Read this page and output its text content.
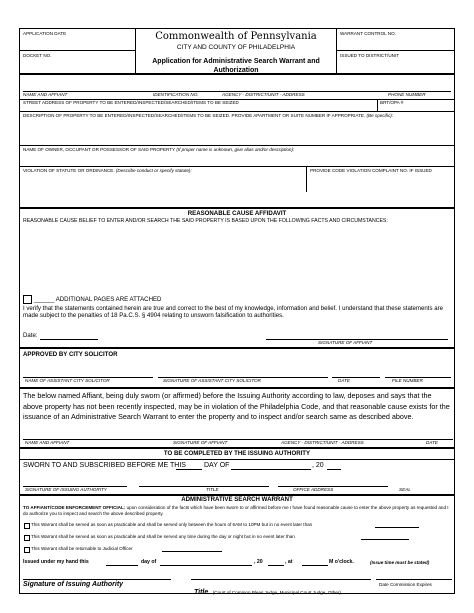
APPLICATION DATE
DOCKET NO.
Commonwealth of Pennsylvania
CITY AND COUNTY OF PHILADELPHIA
Application for Administrative Search Warrant and Authorization
WARRANT CONTROL NO.
ISSUED TO DISTRICT/UNIT
NAME AND AFFIANT	IDENTIFICATION NO.	AGENCY - DISTRICT/UNIT - ADDRESS	PHONE NUMBER
STREET ADDRESS OF PROPERTY TO BE ENTERED/INSPECTED/SEARCHED/ITEMS TO BE SEIZED	BRT/OPA #
DESCRIPTION OF PROPERTY TO BE ENTERED/INSPECTED/SEARCHED/ITEMS TO BE SEIZED. PROVIDE APARTMENT OR SUITE NUMBER IF APPROPRIATE. (Be specific):
NAME OF OWNER, OCCUPANT OR POSSESSOR OF SAID PROPERTY (If proper name is unknown, give alias and/or description):
VIOLATION OF STATUTE OR ORDINANCE. (Describe conduct or specify statute):	PROVIDE CODE VIOLATION COMPLAINT NO. IF ISSUED
REASONABLE CAUSE AFFIDAVIT
REASONABLE CAUSE BELIEF TO ENTER AND/OR SEARCH THE SAID PROPERTY IS BASED UPON THE FOLLOWING FACTS AND CIRCUMSTANCES:
______ ADDITIONAL PAGES ARE ATTACHED
I verify that the statements contained herein are true and correct to the best of my knowledge, information and belief. I understand that these statements are made subject to the penalties of 18 Pa.C.S. § 4904 relating to unsworn falsification to authorities.
Date:
SIGNATURE OF AFFIANT
APPROVED BY CITY SOLICITOR
NAME OF ASSISTANT CITY SOLICITOR	SIGNATURE OF ASSISTANT CITY SOLICITOR	DATE	FILE NUMBER
The below named Affiant, being duly sworn (or affirmed) before the Issuing Authority according to law, deposes and says that the above property has not been recently inspected, may be in violation of the Philadelphia Code, and that reasonable cause exists for the issuance of an Administrative Search Warrant to enter the property and to inspect and/or search same as described above.
NAME AND AFFIANT	SIGNATURE OF AFFIANT	AGENCY - DISTRICT/UNIT - ADDRESS	DATE
TO BE COMPLETED BY THE ISSUING AUTHORITY
SWORN TO AND SUBSCRIBED BEFORE ME THIS	DAY OF	, 20
SIGNATURE OF ISSUING AUTHORITY	TITLE	OFFICE ADDRESS	SEAL
ADMINISTRATIVE SEARCH WARRANT
TO AFFIANT/CODE ENFORCEMENT OFFICIAL: upon consideration of the facts which have been sworn to or affirmed before me I have found reasonable cause to enter the above property as requested and I do authorize you to inspect and search the above described property.
This Warrant shall be served as soon as practicable and shall be served only between the hours of 6AM to 10PM but in no event later than
This Warrant shall be served as soon as practicable and shall be served any time during the day or night but in no event later than
This Warrant shall be returnable to Judicial Officer
Issued under my hand this	day of	, 20	, at	M o'clock.	(Issue time must be stated)
Signature of Issuing Authority
Title (Court of Common Pleas Judge, Municipal Court Judge, Other)
Date Commission Expires
